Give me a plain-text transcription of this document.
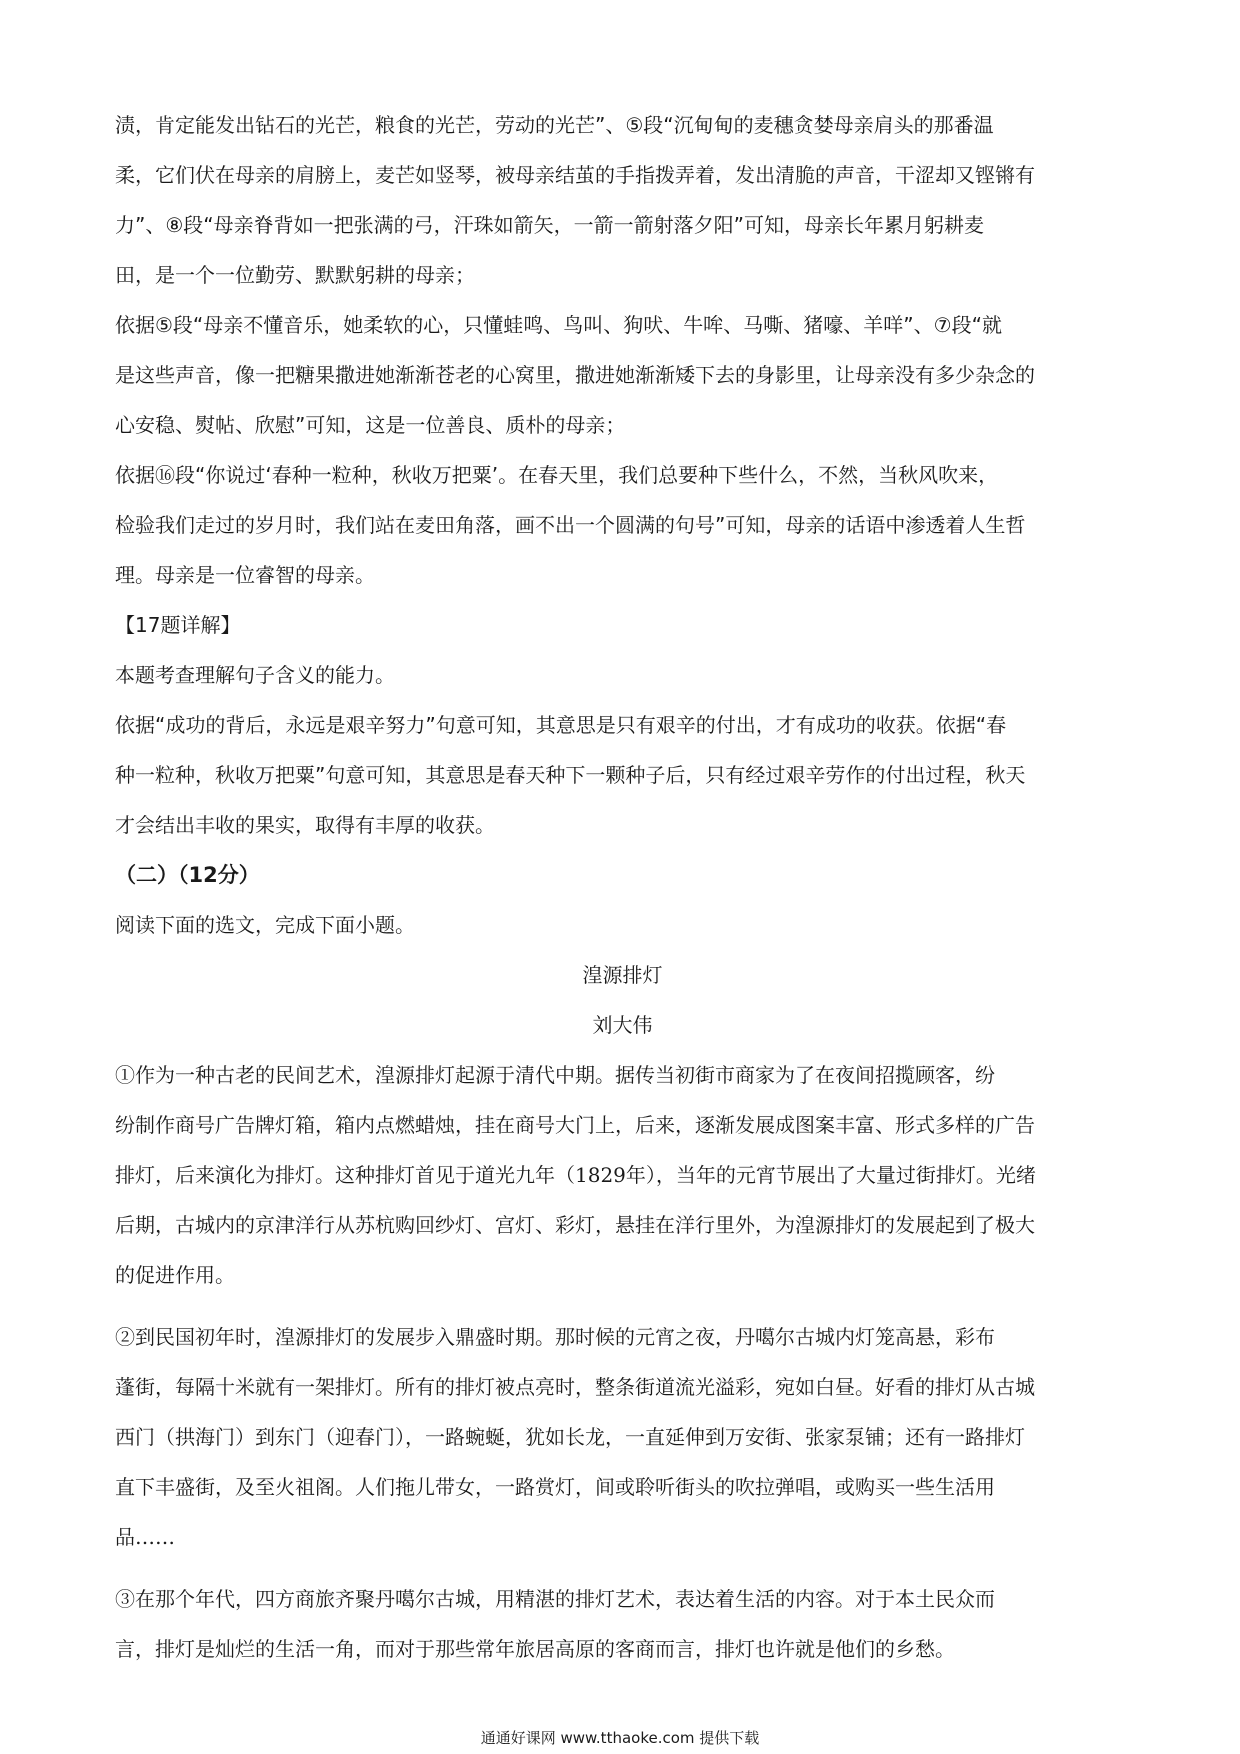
渍，肯定能发出钻石的光芒，粮食的光芒，劳动的光芒”、⑤段“沉甸甸的麦穗贪婪母亲肩头的那番温

柔，它们伏在母亲的肩膀上，麦芒如竖琴，被母亲结茧的手指拨弄着，发出清脆的声音，干涩却又铿锵有

力”、⑧段“母亲脊背如一把张满的弓，汗珠如箭矢，一箭一箭射落夕阳”可知，母亲长年累月躬耕麦

田，是一个一位勤劳、默默躬耕的母亲；

依据⑤段“母亲不懂音乐，她柔软的心，只懂蛙鸣、鸟叫、狗吠、牛哞、马嘶、猪嚎、羊咩”、⑦段“就

是这些声音，像一把糖果撒进她渐渐苍老的心窝里，撒进她渐渐矮下去的身影里，让母亲没有多少杂念的

心安稳、熨帖、欣慰”可知，这是一位善良、质朴的母亲；

依据⑯段“你说过‘春种一粒种，秋收万把粟’。在春天里，我们总要种下些什么，不然，当秋风吹来，

检验我们走过的岁月时，我们站在麦田角落，画不出一个圆满的句号”可知，母亲的话语中渗透着人生哲

理。母亲是一位睿智的母亲。

【17题详解】

本题考查理解句子含义的能力。

依据“成功的背后，永远是艰辛努力”句意可知，其意思是只有艰辛的付出，才有成功的收获。依据“春

种一粒种，秋收万把粟”句意可知，其意思是春天种下一颗种子后，只有经过艰辛劳作的付出过程，秋天

才会结出丰收的果实，取得有丰厚的收获。

（二）（12分）

阅读下面的选文，完成下面小题。

湟源排灯

刘大伟

①作为一种古老的民间艺术，湟源排灯起源于清代中期。据传当初街市商家为了在夜间招揽顾客，纷

纷制作商号广告牌灯箱，箱内点燃蜡烛，挂在商号大门上，后来，逐渐发展成图案丰富、形式多样的广告

排灯，后来演化为排灯。这种排灯首见于道光九年（1829年），当年的元宵节展出了大量过街排灯。光绪

后期，古城内的京津洋行从苏杭购回纱灯、宫灯、彩灯，悬挂在洋行里外，为湟源排灯的发展起到了极大

的促进作用。

②到民国初年时，湟源排灯的发展步入鼎盛时期。那时候的元宵之夜，丹噶尔古城内灯笼高悬，彩布

蓬街，每隔十米就有一架排灯。所有的排灯被点亮时，整条街道流光溢彩，宛如白昼。好看的排灯从古城

西门（拱海门）到东门（迎春门），一路蜿蜒，犹如长龙，一直延伸到万安街、张家泵铺；还有一路排灯

直下丰盛街，及至火祖阁。人们拖儿带女，一路赏灯，间或聆听街头的吹拉弹唱，或购买一些生活用

品……

③在那个年代，四方商旅齐聚丹噶尔古城，用精湛的排灯艺术，表达着生活的内容。对于本土民众而

言，排灯是灿烂的生活一角，而对于那些常年旅居高原的客商而言，排灯也许就是他们的乡愁。

通通好课网 www.tthaoke.com 提供下载
